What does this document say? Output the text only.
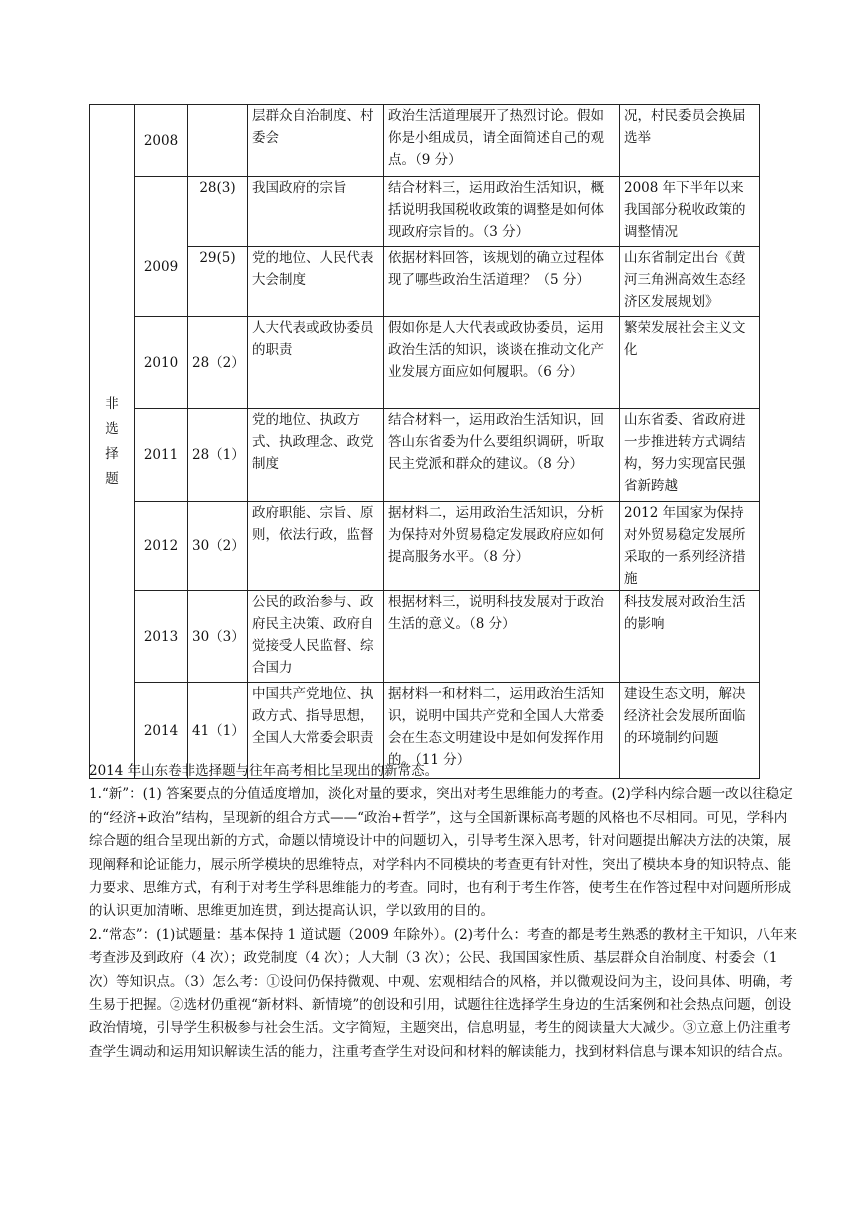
非选择题	2008		层群众自治制度、村委会	政治生活道理展开了热烈讨论。假如你是小组成员，请全面简述自己的观点。（9 分）	况，村民委员会换届选举
	2009	28(3)	我国政府的宗旨	结合材料三，运用政治生活知识，概括说明我国税收政策的调整是如何体现政府宗旨的。（3 分）	2008 年下半年以来我国部分税收政策的调整情况
		29(5)	党的地位、人民代表大会制度	依据材料回答，该规划的确立过程体现了哪些政治生活道理？（5 分）	山东省制定出台《黄河三角洲高效生态经济区发展规划》
	2010	28（2）	人大代表或政协委员的职责	假如你是人大代表或政协委员，运用政治生活的知识，谈谈在推动文化产业发展方面应如何履职。（6 分）	繁荣发展社会主义文化
	2011	28（1）	党的地位、执政方式、执政理念、政党制度	结合材料一，运用政治生活知识，回答山东省委为什么要组织调研，听取民主党派和群众的建议。（8 分）	山东省委、省政府进一步推进转方式调结构，努力实现富民强省新跨越
	2012	30（2）	政府职能、宗旨、原则，依法行政，监督	据材料二，运用政治生活知识，分析为保持对外贸易稳定发展政府应如何提高服务水平。（8 分）	2012 年国家为保持对外贸易稳定发展所采取的一系列经济措施
	2013	30（3）	公民的政治参与、政府民主决策、政府自觉接受人民监督、综合国力	根据材料三，说明科技发展对于政治生活的意义。（8 分）	科技发展对政治生活的影响
	2014	41（1）	中国共产党地位、执政方式、指导思想，全国人大常委会职责	据材料一和材料二，运用政治生活知识，说明中国共产党和全国人大常委会在生态文明建设中是如何发挥作用的。（11 分）	建设生态文明，解决经济社会发展所面临的环境制约问题

2014 年山东卷非选择题与往年高考相比呈现出的新常态。

1.“新”：(1) 答案要点的分值适度增加，淡化对量的要求，突出对考生思维能力的考查。(2)学科内综合题一改以往稳定的“经济+政治”结构，呈现新的组合方式——“政治+哲学”，这与全国新课标高考题的风格也不尽相同。可见，学科内综合题的组合呈现出新的方式，命题以情境设计中的问题切入，引导考生深入思考，针对问题提出解决方法的决策，展现阐释和论证能力，展示所学模块的思维特点，对学科内不同模块的考查更有针对性，突出了模块本身的知识特点、能力要求、思维方式，有利于对考生学科思维能力的考查。同时，也有利于考生作答，使考生在作答过程中对问题所形成的认识更加清晰、思维更加连贯，到达提高认识，学以致用的目的。

2.“常态”：(1)试题量：基本保持 1 道试题（2009 年除外）。(2)考什么：考查的都是考生熟悉的教材主干知识，八年来考查涉及到政府（4 次）；政党制度（4 次）；人大制（3 次）；公民、我国国家性质、基层群众自治制度、村委会（1 次）等知识点。（3）怎么考：①设问仍保持微观、中观、宏观相结合的风格，并以微观设问为主，设问具体、明确，考生易于把握。②选材仍重视“新材料、新情境”的创设和引用，试题往往选择学生身边的生活案例和社会热点问题，创设政治情境，引导学生积极参与社会生活。文字简短，主题突出，信息明显，考生的阅读量大大减少。③立意上仍注重考查学生调动和运用知识解读生活的能力，注重考查学生对设问和材料的解读能力，找到材料信息与课本知识的结合点。
